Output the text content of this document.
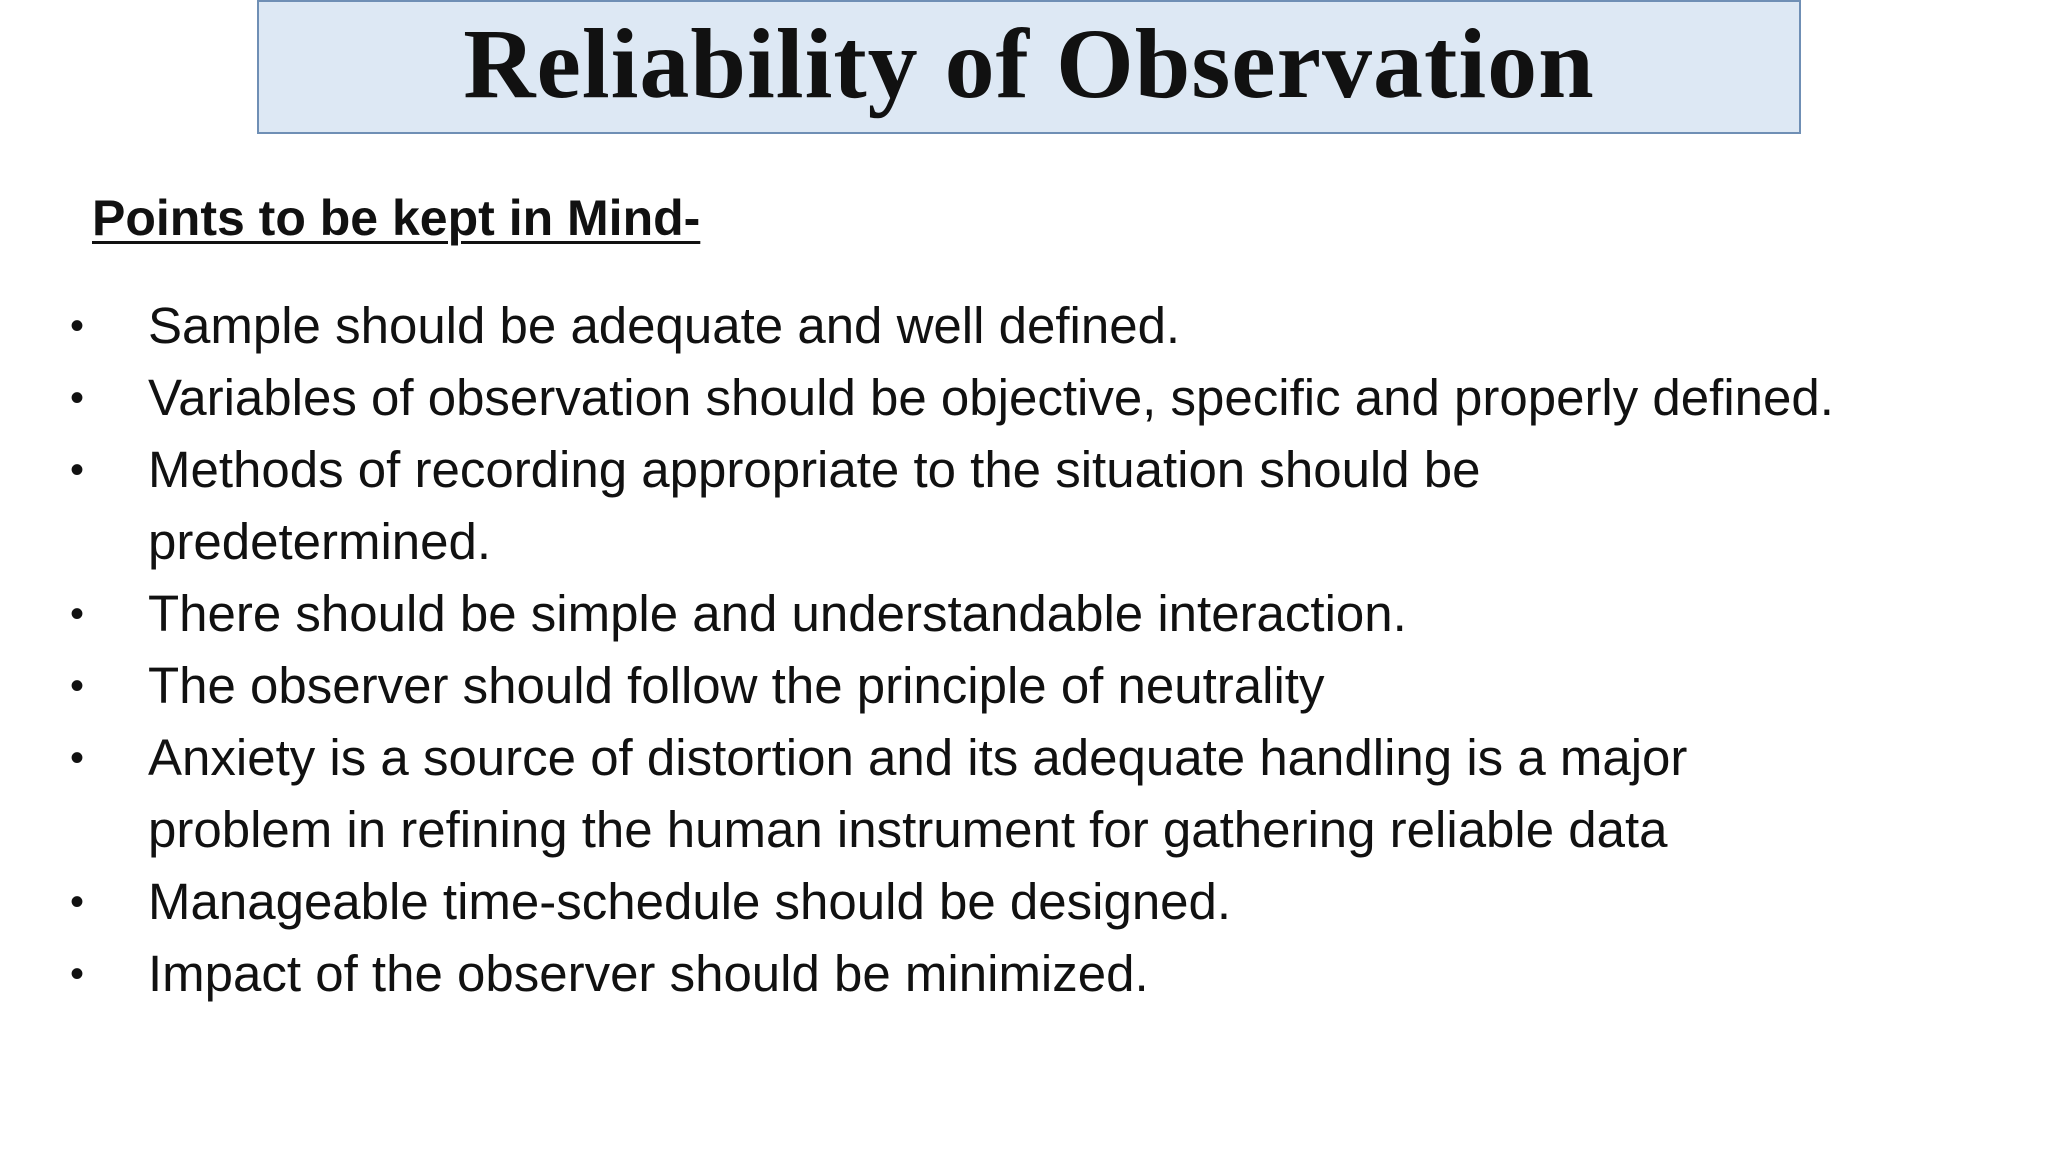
Reliability of Observation
Points to be kept in Mind-
•	Sample should be adequate and well defined.
•	Variables of observation should be objective, specific and properly defined.
•	Methods of recording appropriate to the situation should be predetermined.
•	There should be simple and understandable interaction.
•	The observer should follow the principle of neutrality
•	Anxiety is a source of distortion and its adequate handling is a major problem in refining the human instrument for gathering reliable data
•	Manageable time-schedule should be designed.
•	Impact of the observer should be minimized.
